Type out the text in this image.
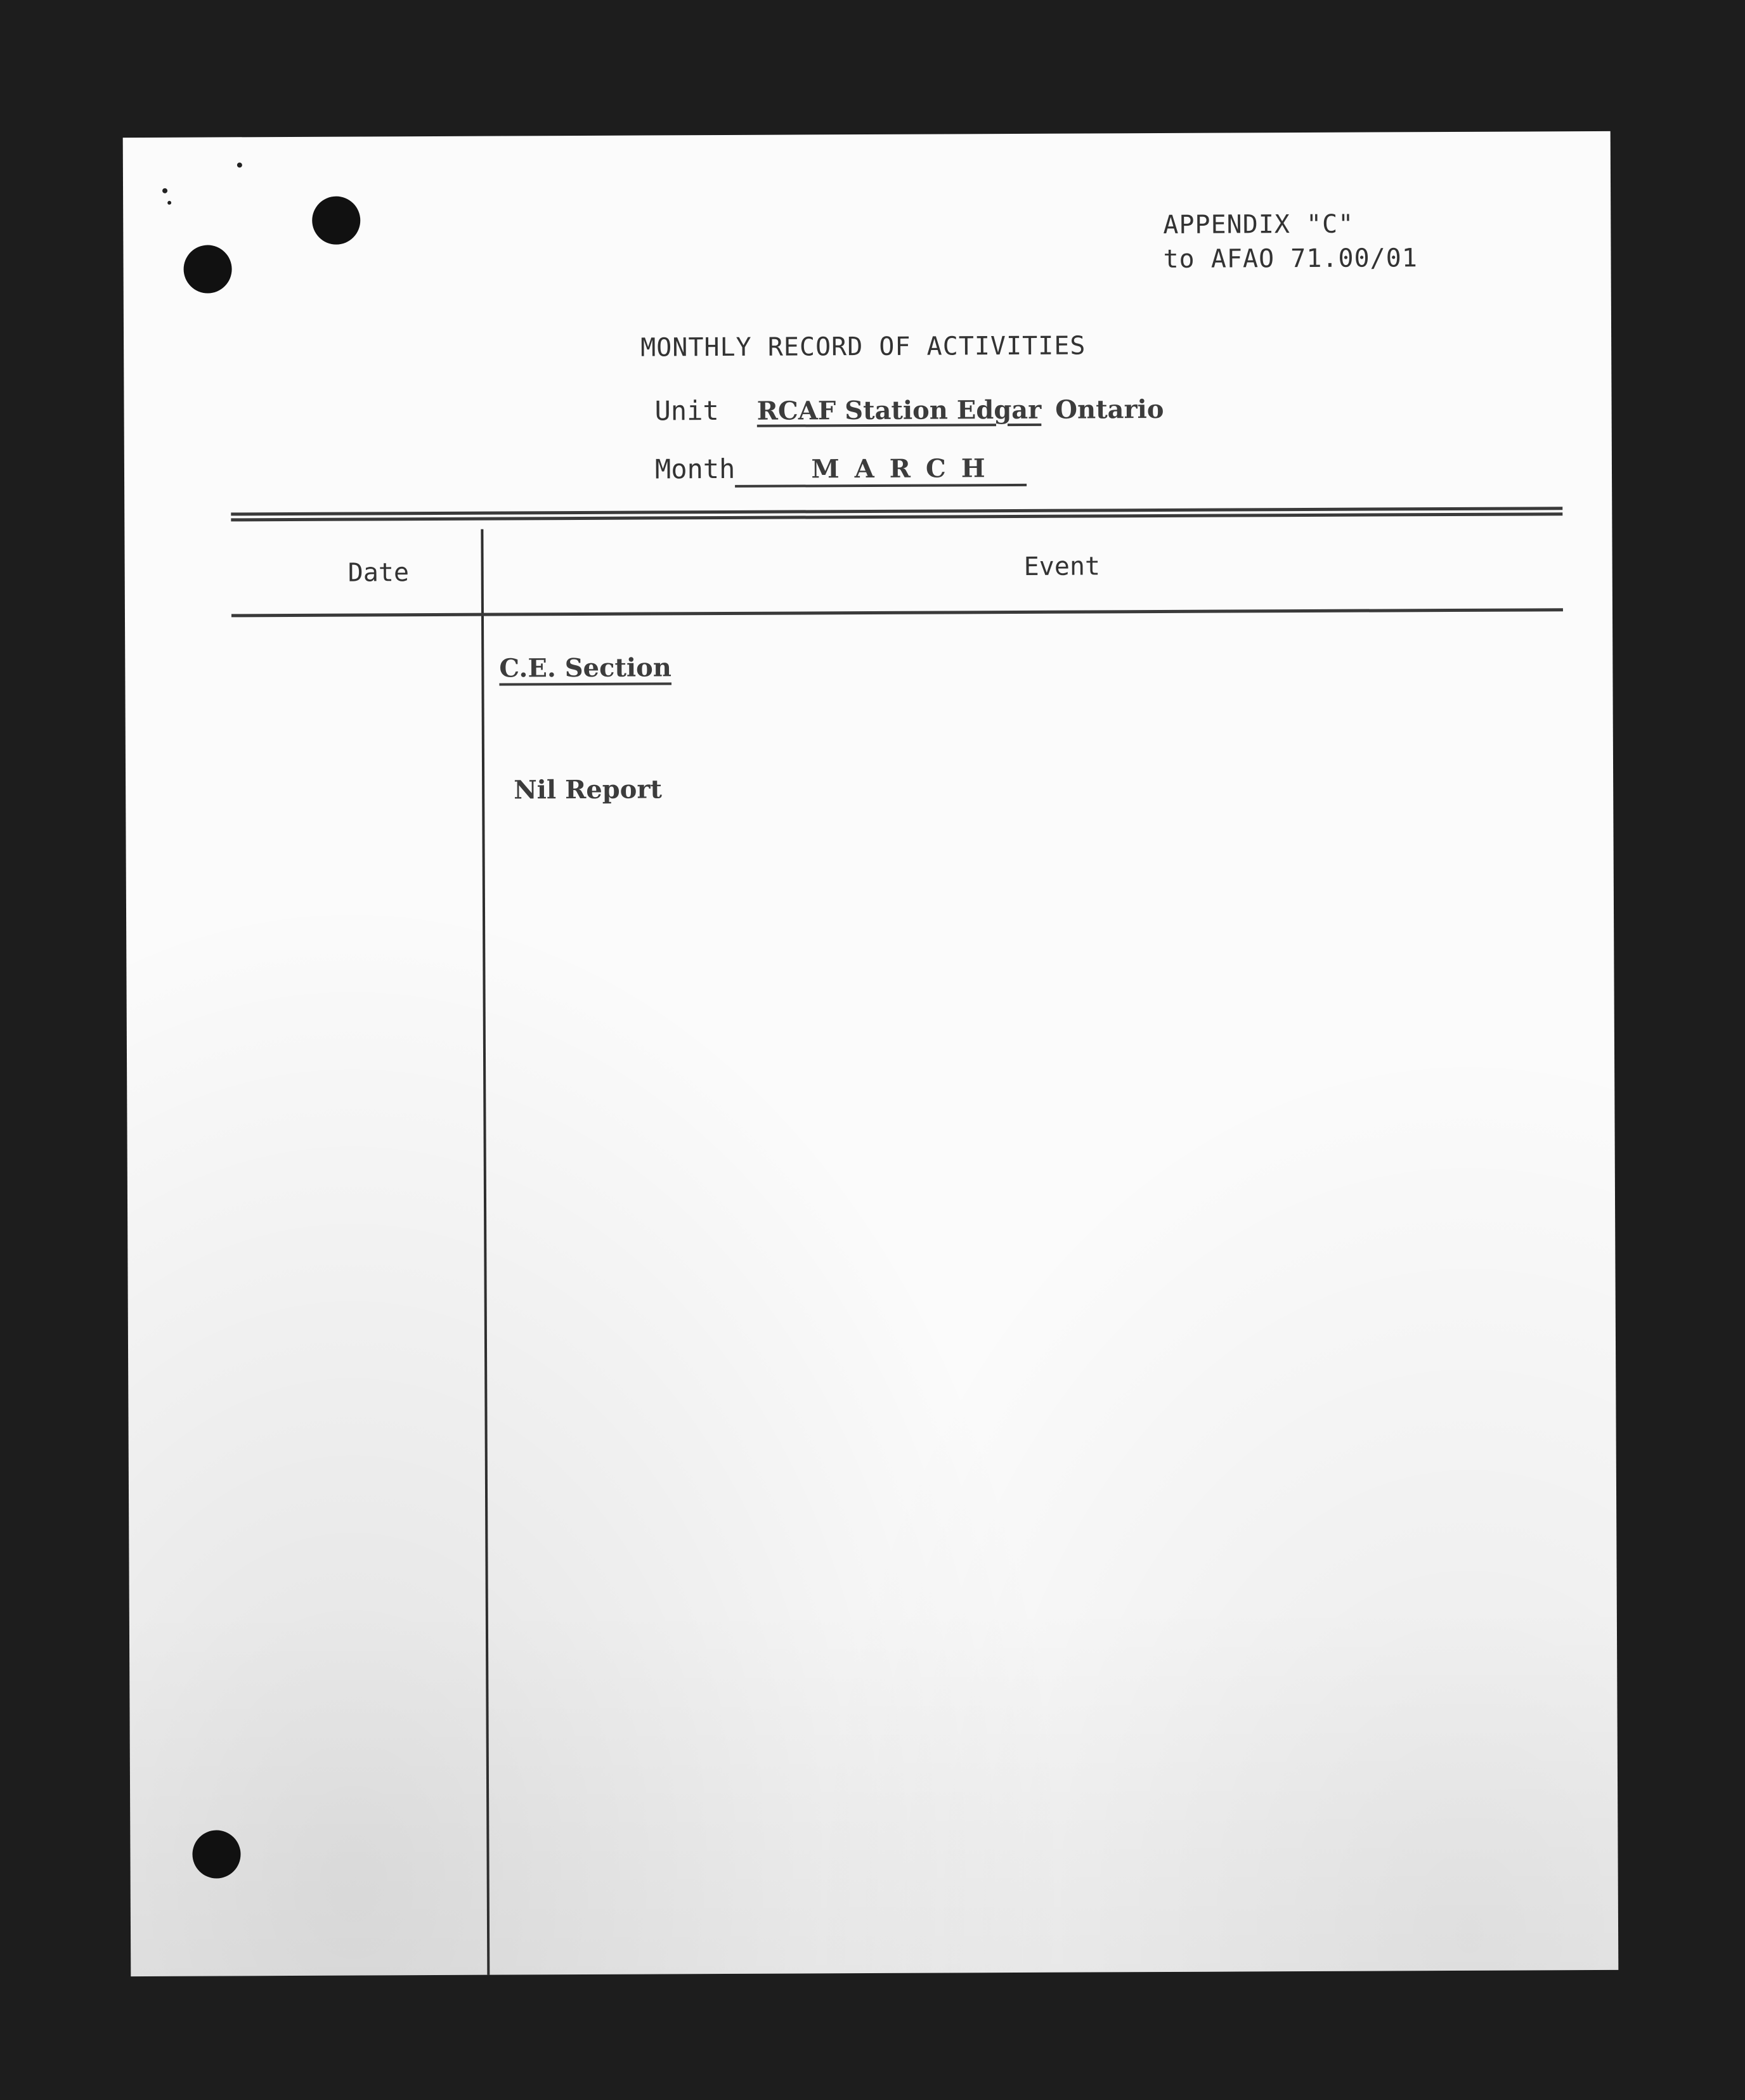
APPENDIX "C"
to AFAO 71.00/01
MONTHLY RECORD OF ACTIVITIES
Unit RCAF Station Edgar Ontario
Month	MARCH
Date	Event
C.E. Section
Nil Report
